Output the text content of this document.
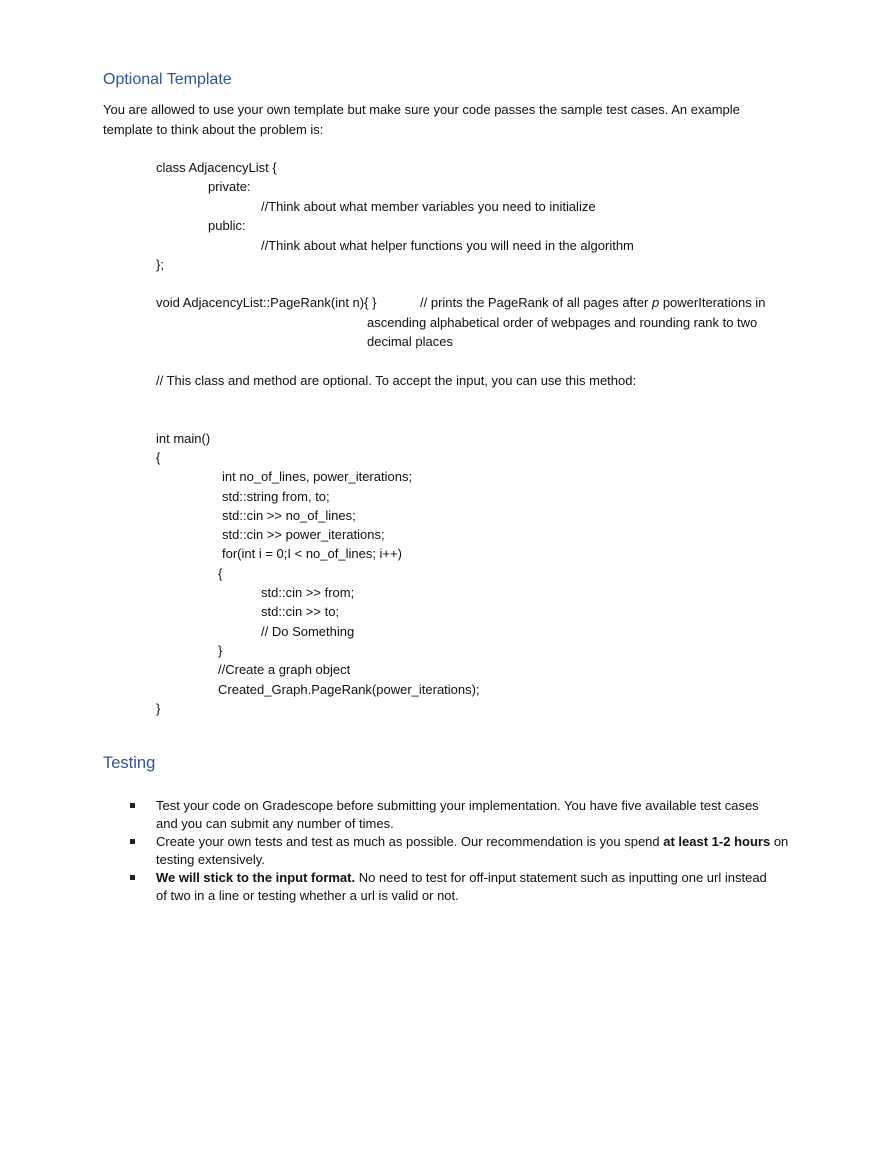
Optional Template
You are allowed to use your own template but make sure your code passes the sample test cases. An example
template to think about the problem is:
class AdjacencyList {
private:
//Think about what member variables you need to initialize
public:
//Think about what helper functions you will need in the algorithm
};
void AdjacencyList::PageRank(int n){ }	// prints the PageRank of all pages after p powerIterations in
ascending alphabetical order of webpages and rounding rank to two
decimal places
// This class and method are optional. To accept the input, you can use this method:
int main()
{
int no_of_lines, power_iterations;
std::string from, to;
std::cin >> no_of_lines;
std::cin >> power_iterations;
for(int i = 0;I < no_of_lines; i++)
{
std::cin >> from;
std::cin >> to;
// Do Something
}
//Create a graph object
Created_Graph.PageRank(power_iterations);
}
Testing
Test your code on Gradescope before submitting your implementation. You have five available test cases
and you can submit any number of times.
Create your own tests and test as much as possible. Our recommendation is you spend at least 1-2 hours on
testing extensively.
We will stick to the input format. No need to test for off-input statement such as inputting one url instead
of two in a line or testing whether a url is valid or not.
